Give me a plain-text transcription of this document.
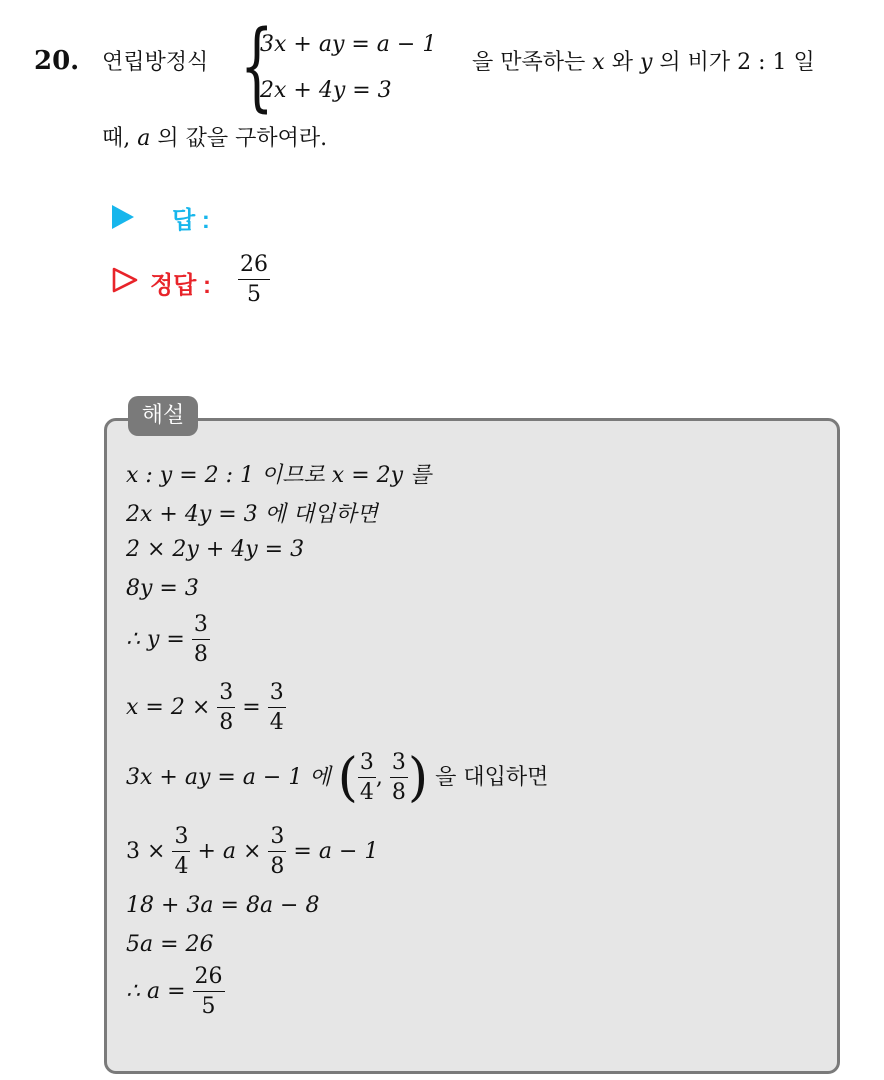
20. 연립방정식 {
3x + ay = a − 1
2x + 4y = 3
을 만족하는 x 와 y 의 비가 2 : 1 일
때, a 의 값을 구하여라.
답 :
정답 : $\frac{26}{5}$
해설
x : y = 2 : 1 이므로 x = 2y 를
2x + 4y = 3 에 대입하면
2 × 2y + 4y = 3
8y = 3
∴ $y = \frac{3}{8}$
$x = 2 \times \frac{3}{8} = \frac{3}{4}$
3x + ay = a − 1 에 ( $\frac{3}{4}$ , $\frac{3}{8}$ ) 을 대입하면
$3 \times \frac{3}{4} + a \times \frac{3}{8} = a - 1$
18 + 3a = 8a − 8
5a = 26
∴ $a = \frac{26}{5}$
